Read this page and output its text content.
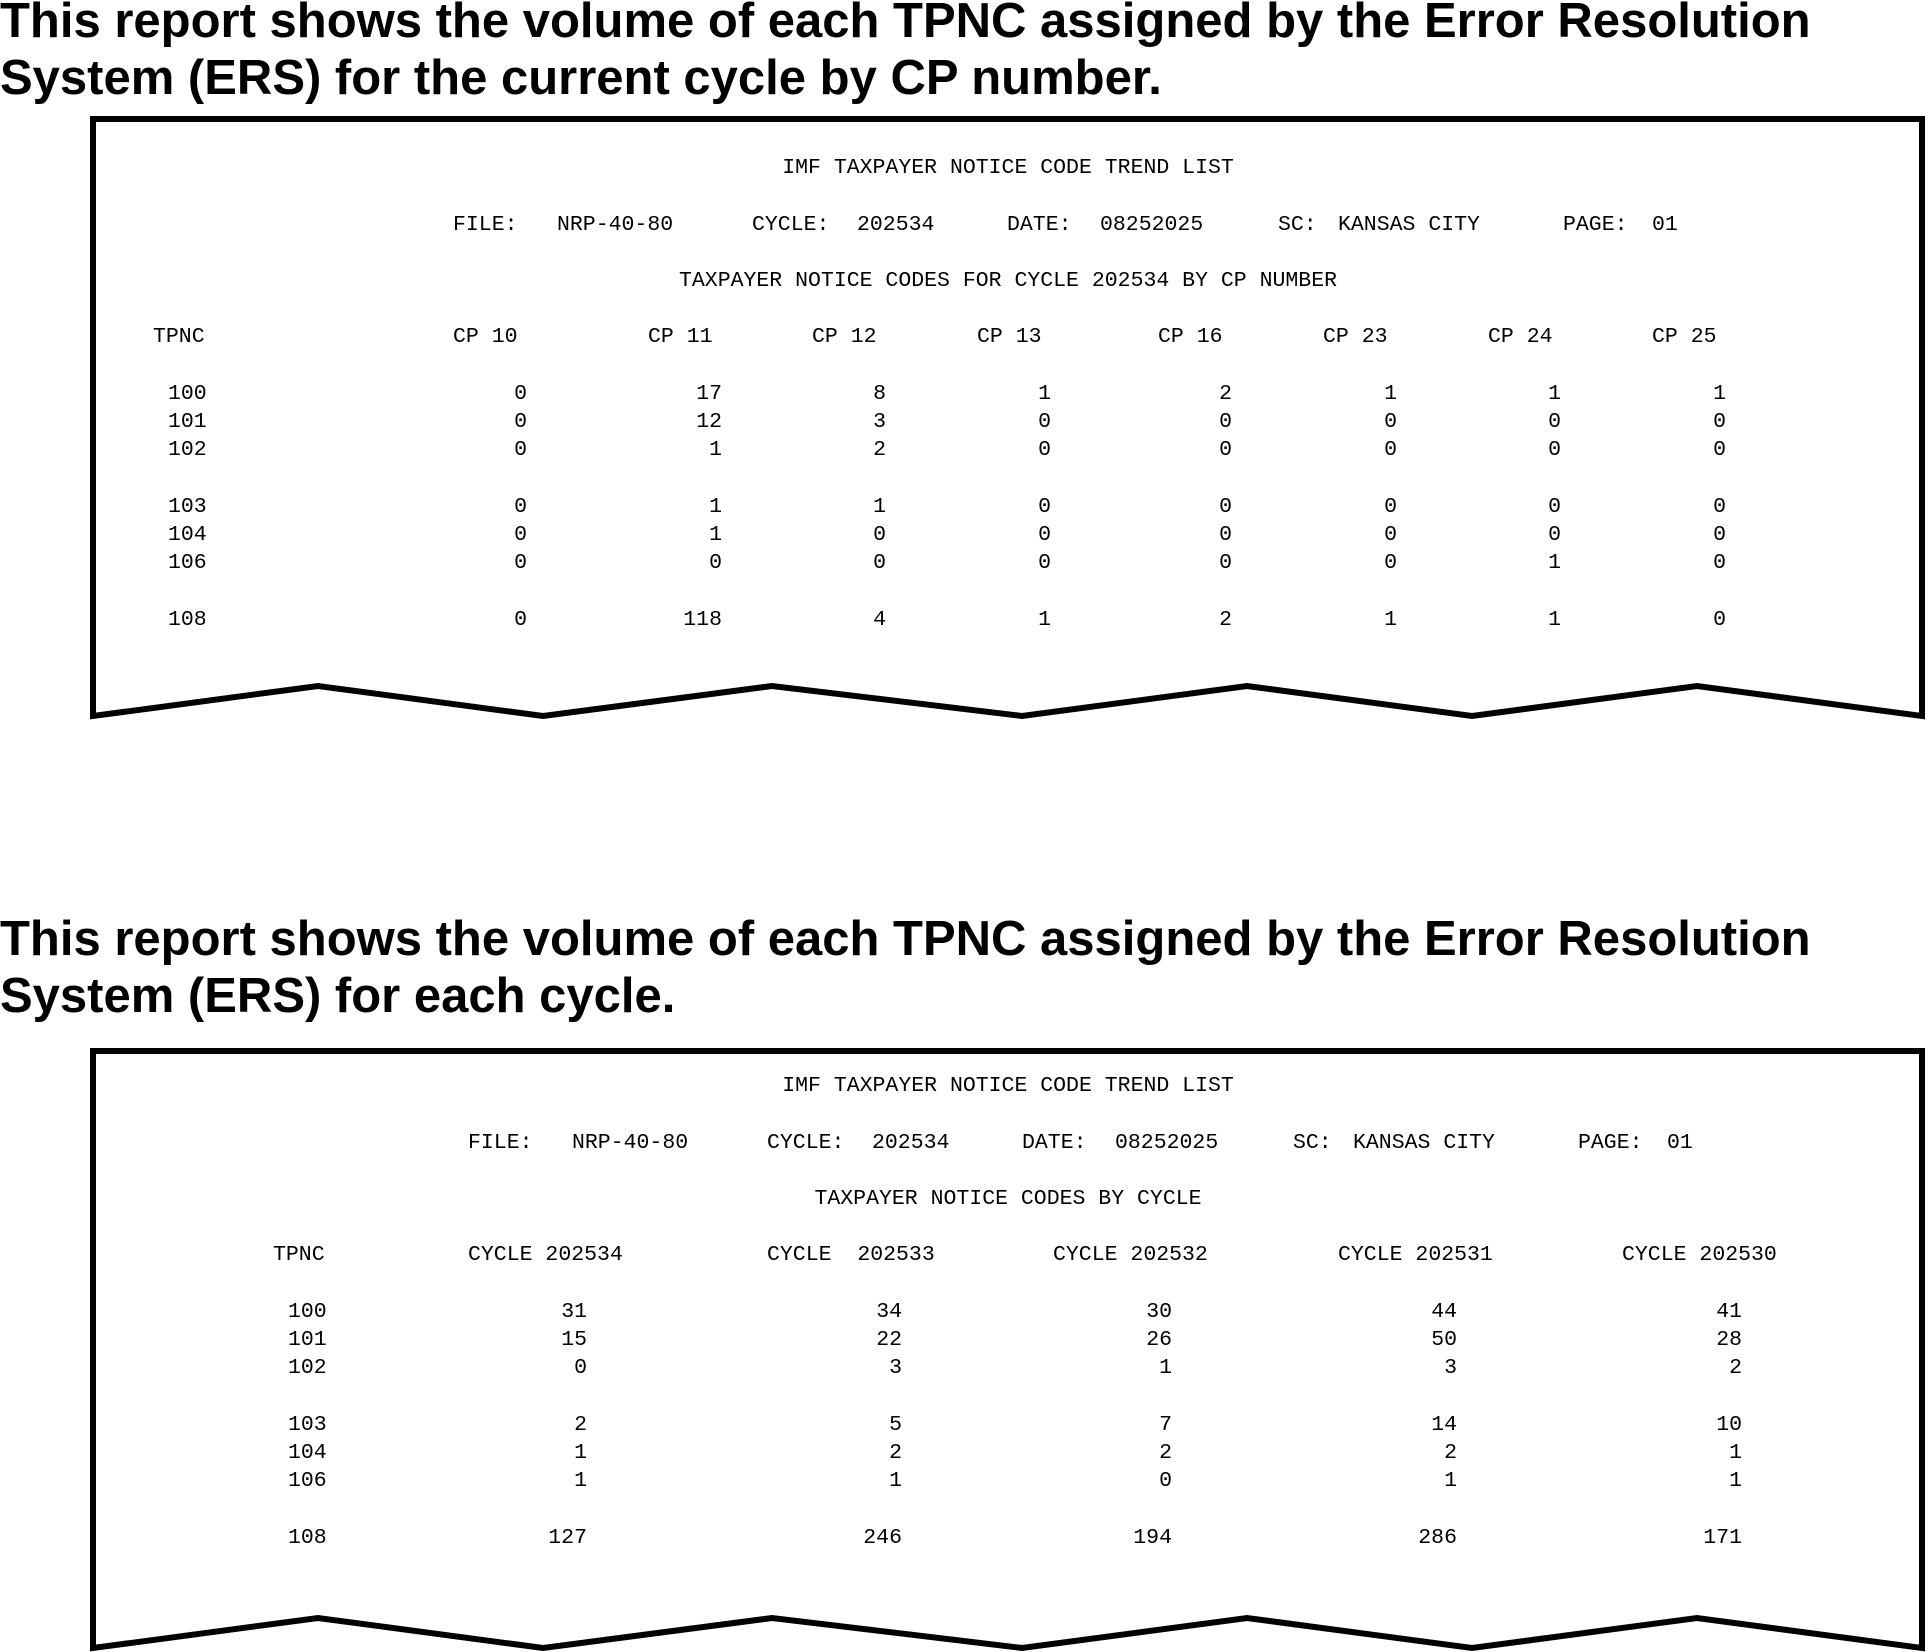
This report shows the volume of each TPNC assigned by the Error Resolution System (ERS) for the current cycle by CP number.

This report shows the volume of each TPNC assigned by the Error Resolution System (ERS) for each cycle.

IMF TAXPAYER NOTICE CODE TREND LIST
FILE: NRP-40-80	CYCLE: 202534	DATE: 08252025	SC: KANSAS CITY	PAGE: 01
TAXPAYER NOTICE CODES FOR CYCLE 202534 BY CP NUMBER
TPNC	CP 10	CP 11	CP 12	CP 13	CP 16	CP 23	CP 24	CP 25
100	0	17	8	1	2	1	1	1
101	0	12	3	0	0	0	0	0
102	0	1	2	0	0	0	0	0
103	0	1	1	0	0	0	0	0
104	0	1	0	0	0	0	0	0
106	0	0	0	0	0	0	1	0
108	0	118	4	1	2	1	1	0
IMF TAXPAYER NOTICE CODE TREND LIST
FILE: NRP-40-80	CYCLE: 202534	DATE: 08252025	SC: KANSAS CITY	PAGE: 01
TAXPAYER NOTICE CODES BY CYCLE
TPNC	CYCLE 202534	CYCLE  202533	CYCLE 202532	CYCLE 202531	CYCLE 202530
100	31	34	30	44	41
101	15	22	26	50	28
102	0	3	1	3	2
103	2	5	7	14	10
104	1	2	2	2	1
106	1	1	0	1	1
108	127	246	194	286	171
